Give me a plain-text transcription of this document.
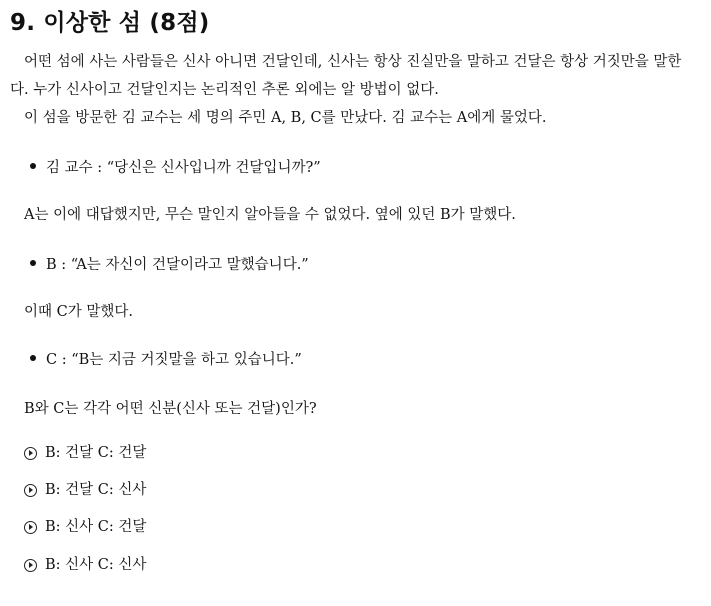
9. 이상한 섬 (8점)
어떤 섬에 사는 사람들은 신사 아니면 건달인데, 신사는 항상 진실만을 말하고 건달은 항상 거짓만을 말한다. 누가 신사이고 건달인지는 논리적인 추론 외에는 알 방법이 없다.
이 섬을 방문한 김 교수는 세 명의 주민 A, B, C를 만났다. 김 교수는 A에게 물었다.
김 교수 : “당신은 신사입니까 건달입니까?”
A는 이에 대답했지만, 무슨 말인지 알아들을 수 없었다. 옆에 있던 B가 말했다.
B : “A는 자신이 건달이라고 말했습니다.”
이때 C가 말했다.
C : “B는 지금 거짓말을 하고 있습니다.”
B와 C는 각각 어떤 신분(신사 또는 건달)인가?
B: 건달 C: 건달
B: 건달 C: 신사
B: 신사 C: 건달
B: 신사 C: 신사
